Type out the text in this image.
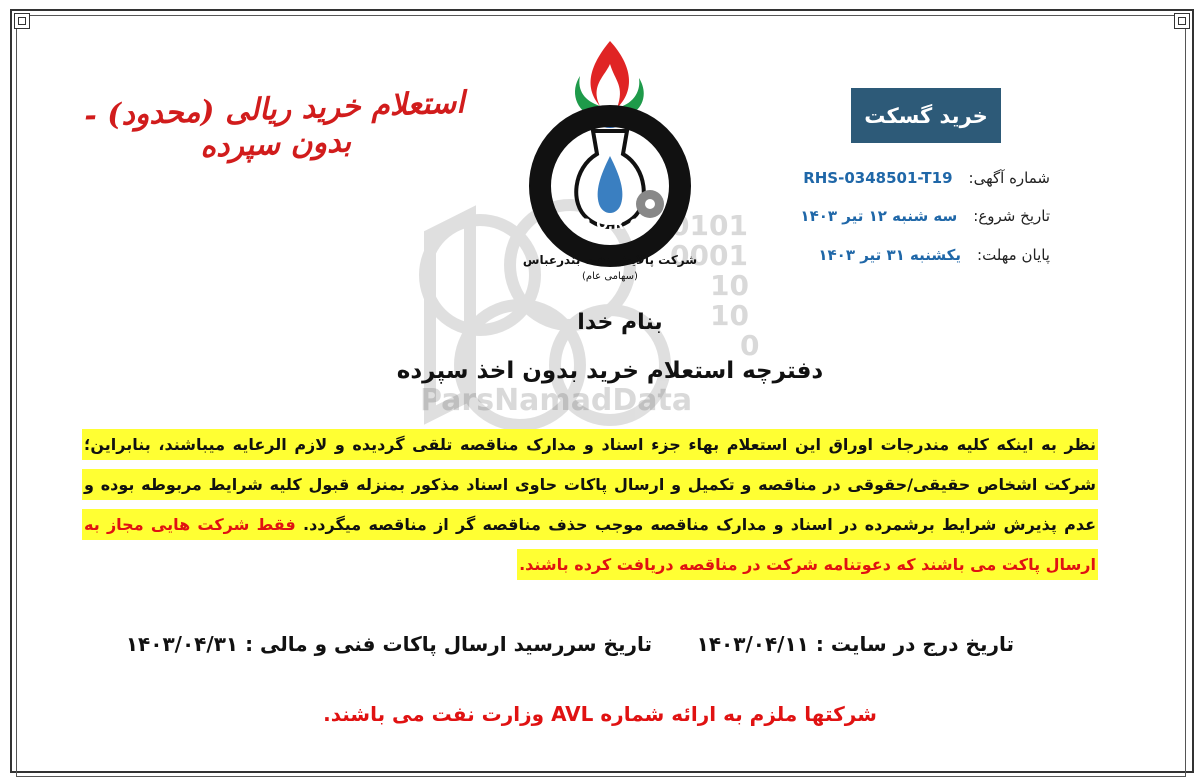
0101
0001
10
10
0
ParsNamadData
خرید گسکت
شماره آگهی:RHS-0348501-T19
تاریخ شروع:سه شنبه ۱۲ تیر ۱۴۰۳
پایان مهلت:یکشنبه ۳۱ تیر ۱۴۰۳
استعلام خرید ریالی (محدود) - بدون سپرده
B.O.R.C
شرکت پالایش نفت بندرعباس
(سهامی عام)
بنام خدا
دفترچه استعلام خرید بدون اخذ سپرده
نظر به اینکه کلیه مندرجات اوراق این استعلام بهاء جزء اسناد و مدارک مناقصه تلقی گردیده و لازم الرعایه میباشند، بنابراین؛ شرکت اشخاص حقیقی/حقوقی در مناقصه و تکمیل و ارسال پاکات حاوی اسناد مذکور بمنزله قبول کلیه شرایط مربوطه بوده و عدم پذیرش شرایط برشمرده در اسناد و مدارک مناقصه موجب حذف مناقصه گر از مناقصه میگردد. فقط شرکت هایی مجاز به ارسال پاکت می باشند که دعوتنامه شرکت در مناقصه دریافت کرده باشند.
تاریخ درج در سایت : ۱۴۰۳/۰۴/۱۱
تاریخ سررسید ارسال پاکات فنی و مالی : ۱۴۰۳/۰۴/۳۱
شرکتها ملزم به ارائه شماره AVL وزارت نفت می باشند.
